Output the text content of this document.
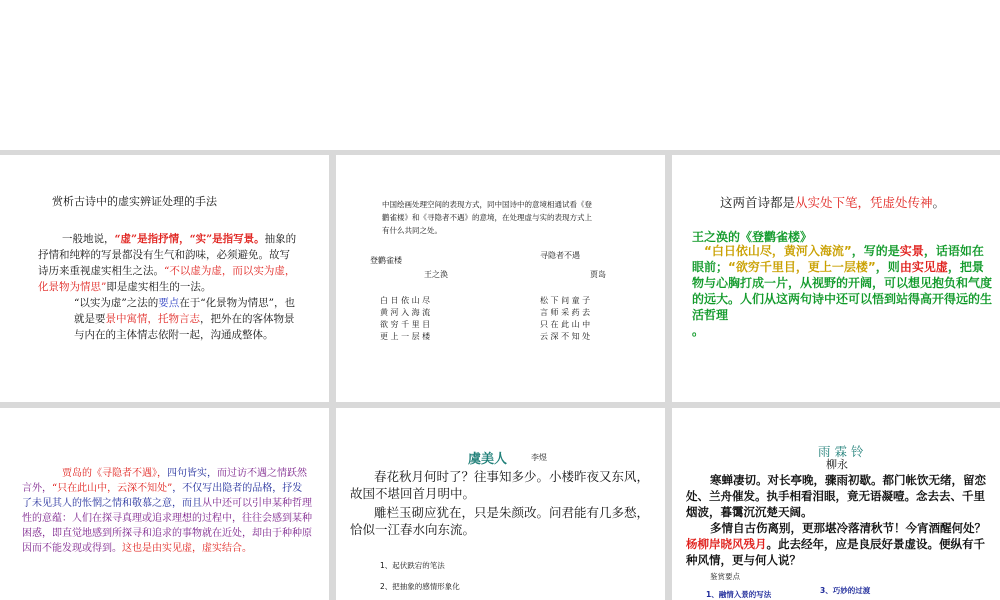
赏析古诗中的虚实辨证处理的手法

一般地说，“虚”是指抒情，“实”是指写景。抽象的抒情和纯粹的写景都没有生气和韵味，必须避免。故写诗历来重视虚实相生之法。“不以虚为虚，而以实为虚，化景物为情思”即是虚实相生的一法。

“以实为虚”之法的要点在于“化景物为情思”，也就是要景中寓情，托物言志，把外在的客体物景与内在的主体情志依附一起，沟通成整体。

中国绘画处理空间的表现方式，同中国诗中的意境相通试看《登鹳雀楼》和《寻隐者不遇》的意境，在处理虚与实的表现方式上有什么共同之处。

登鹳雀楼

王之涣

白 日 依 山 尽

黄 河 入 海 流

欲 穷 千 里 目

更 上 一 层 楼

寻隐者不遇

贾岛

松 下 问 童 子

言 师 采 药 去

只 在 此 山 中

云 深 不 知 处

这两首诗都是从实处下笔，凭虚处传神。

王之涣的《登鹳雀楼》

“白日依山尽，黄河入海流”，写的是实景，话语如在眼前；“欲穷千里目，更上一层楼”，则由实见虚，把景物与心胸打成一片，从视野的开阔，可以想见抱负和气度的远大。人们从这两句诗中还可以悟到站得高开得远的生活哲理
。

贾岛的《寻隐者不遇》，四句皆实，而过访不遇之情跃然言外，“只在此山中，云深不知处”，不仅写出隐者的品格，抒发了未见其人的怅惘之情和敬慕之意，而且从中还可以引申某种哲理性的意蕴：人们在探寻真理或追求理想的过程中，往往会感到某种困惑，即直觉地感到所探寻和追求的事物就在近处，却由于种种原因而不能发现或得到。这也是由实见虚，虚实结合。

虞美人	李煜

春花秋月何时了？往事知多少。小楼昨夜又东风，故国不堪回首月明中。

雕栏玉砌应犹在，只是朱颜改。问君能有几多愁，恰似一江春水向东流。

1、起伏跌宕的笔法

2、把抽象的感情形象化

雨 霖 铃

柳永

寒蝉凄切。对长亭晚，骤雨初歇。都门帐饮无绪，留恋处、兰舟催发。执手相看泪眼，竟无语凝噎。念去去、千里烟波，暮霭沉沉楚天阔。
多情自古伤离别，更那堪冷落清秋节！今宵酒醒何处？杨柳岸晓风残月。此去经年，应是良辰好景虚设。便纵有千种风情，更与何人说？

鉴赏要点

1、融情入景的写法	3、巧妙的过渡
